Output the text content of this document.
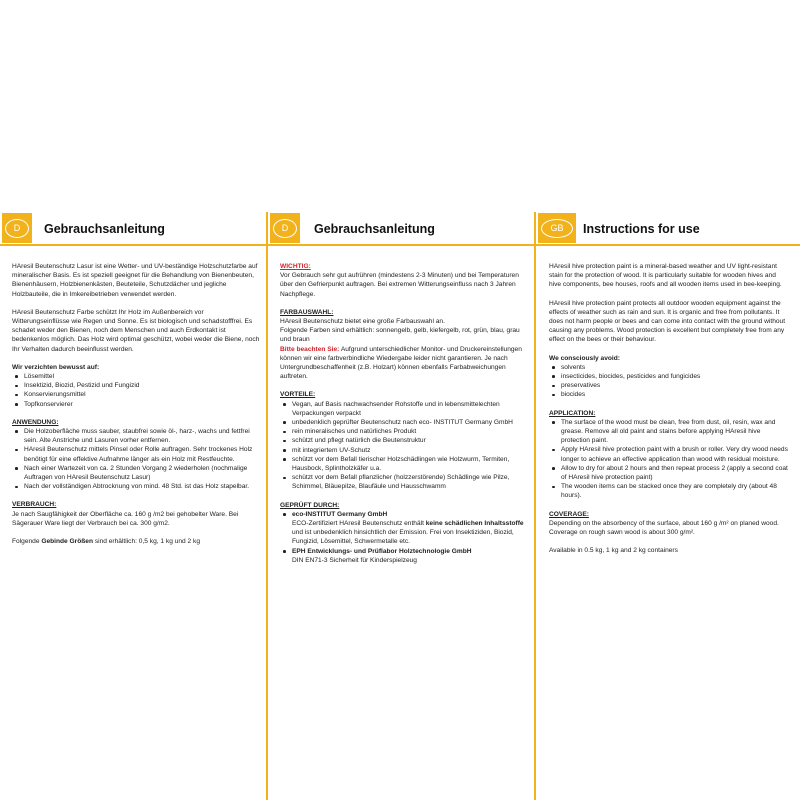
D	Gebrauchsanleitung	D	Gebrauchsanleitung	GB	Instructions for use

HAresil Beutenschutz Lasur ist eine Wetter- und UV-beständige Holzschutzfarbe auf mineralischer Basis. Es ist speziell geeignet für die Behandlung von Bienenbeuten, Bienenhäusern, Holzbienenkästen, Beuteteile, Schutzdächer und jegliche Holzbauteile, die in Imkereibetrieben verwendet werden.

HAresil Beutenschutz Farbe schützt Ihr Holz im Außenbereich vor Witterungseinflüsse wie Regen und Sonne. Es ist biologisch und schadstofffrei. Es schadet weder den Bienen, noch dem Menschen und auch Erdkontakt ist bedenkenlos möglich. Das Holz wird optimal geschützt, wobei weder die Biene, noch Ihr Verhalten dadurch beeinflusst werden.

Wir verzichten bewusst auf:

Lösemittel
Insektizid, Biozid, Pestizid und Fungizid
Konservierungsmittel
Topfkonservierer

ANWENDUNG:

Die Holzoberfläche muss sauber, staubfrei sowie öl-, harz-, wachs und fettfrei sein. Alte Anstriche und Lasuren vorher entfernen.
HAresil Beutenschutz mittels Pinsel oder Rolle auftragen. Sehr trockenes Holz benötigt für eine effektive Aufnahme länger als ein Holz mit Restfeuchte.
Nach einer Wartezeit von ca. 2 Stunden Vorgang 2 wiederholen (nochmalige Auftragen von HAresil Beutenschutz Lasur)
Nach der vollständigen Abtrocknung von mind. 48 Std. ist das Holz stapelbar.

VERBRAUCH:

Je nach Saugfähigkeit der Oberfläche ca. 160 g /m2 bei gehobelter Ware. Bei Sägerauer Ware liegt der Verbrauch bei ca. 300 g/m2.

Folgende Gebinde Größen sind erhältlich: 0,5 kg, 1 kg und 2 kg

WICHTIG:

Vor Gebrauch sehr gut aufrühren (mindestens 2-3 Minuten) und bei Temperaturen über den Gefrierpunkt auftragen. Bei extremen Witterungseinfluss nach 3 Jahren Nachpflege.

FARBAUSWAHL:

HAresil Beutenschutz bietet eine große Farbauswahl an.

Folgende Farben sind erhältlich: sonnengelb, gelb, kiefergelb, rot, grün, blau, grau und braun

Bitte beachten Sie: Aufgrund unterschiedlicher Monitor- und Druckereinstellungen können wir eine farbverbindliche Wiedergabe leider nicht garantieren. Je nach Untergrundbeschaffenheit (z.B. Holzart) können ebenfalls Farbabweichungen auftreten.

VORTEILE:

Vegan, auf Basis nachwachsender Rohstoffe und in lebensmittelechten Verpackungen verpackt
unbedenklich geprüfter Beutenschutz nach eco- INSTITUT Germany GmbH
rein mineralisches und natürliches Produkt
schützt und pflegt natürlich die Beutenstruktur
mit integriertem UV-Schutz
schützt vor dem Befall tierischer Holzschädlingen wie Holzwurm, Termiten, Hausbock, Splintholzkäfer u.a.
schützt vor dem Befall pflanzlicher (holzzerstörende) Schädlinge wie Pilze, Schimmel, Bläuepilze, Blaufäule und Hausschwamm

GEPRÜFT DURCH:

eco-INSTITUT Germany GmbH
ECO-Zertifiziert HAresil Beutenschutz enthält keine schädlichen Inhaltsstoffe und ist unbedenklich hinsichtlich der Emission. Frei von Insektiziden, Biozid, Fungizid, Lösemittel, Schwermetalle etc.
EPH Entwicklungs- und Prüflabor Holztechnologie GmbH
DIN EN71-3 Sicherheit für Kinderspielzeug

HAresil hive protection paint is a mineral-based weather and UV light-resistant stain for the protection of wood. It is particularly suitable for wooden hives and hive components, bee houses, roofs and all wooden items used in bee-keeping.

HAresil hive protection paint protects all outdoor wooden equipment against the effects of weather such as rain and sun. It is organic and free from pollutants. It does not harm people or bees and can come into contact with the ground without causing any problems. Wood protection is excellent but completely free from any effect on the bees or their behaviour.

We consciously avoid:

solvents
insecticides, biocides, pesticides and fungicides
preservatives
biocides

APPLICATION:

The surface of the wood must be clean, free from dust, oil, resin, wax and grease. Remove all old paint and stains before applying HAresil hive protection paint.
Apply HAresil hive protection paint with a brush or roller. Very dry wood needs longer to achieve an effective application than wood with residual moisture.
Allow to dry for about 2 hours and then repeat process 2 (apply a second coat of HAresil hive protection paint)
The wooden items can be stacked once they are completely dry (about 48 hours).

COVERAGE:

Depending on the absorbency of the surface, about 160 g /m² on planed wood. Coverage on rough sawn wood is about 300 g/m².

Available in 0.5 kg, 1 kg and 2 kg containers
